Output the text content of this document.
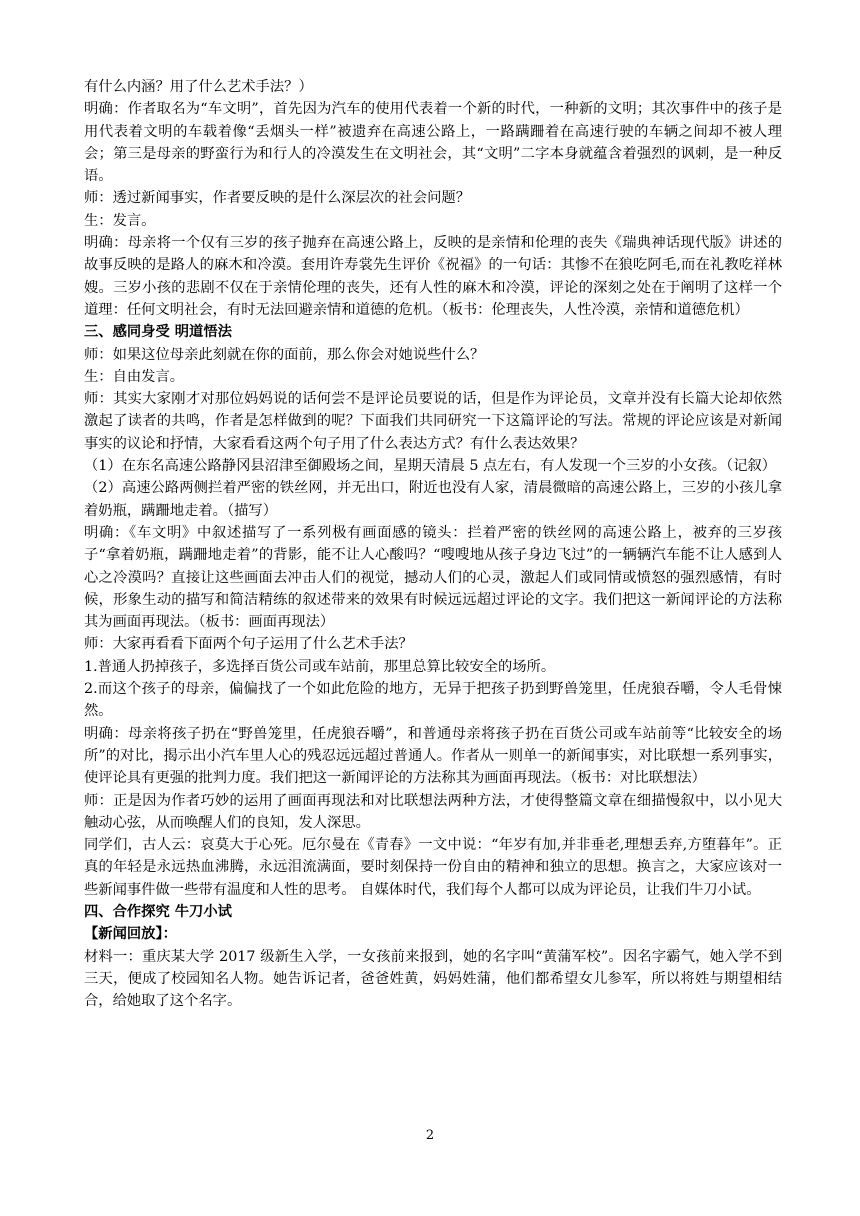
有什么内涵？用了什么艺术手法？）

明确：作者取名为“车文明”，首先因为汽车的使用代表着一个新的时代，一种新的文明；其次事件中的孩子是用代表着文明的车载着像“丢烟头一样”被遗弃在高速公路上，一路蹒跚着在高速行驶的车辆之间却不被人理会；第三是母亲的野蛮行为和行人的冷漠发生在文明社会，其“文明”二字本身就蕴含着强烈的讽刺，是一种反语。

师：透过新闻事实，作者要反映的是什么深层次的社会问题？

生：发言。

明确：母亲将一个仅有三岁的孩子抛弃在高速公路上，反映的是亲情和伦理的丧失《瑞典神话现代版》讲述的故事反映的是路人的麻木和冷漠。套用许寿裳先生评价《祝福》的一句话：其惨不在狼吃阿毛,而在礼教吃祥林嫂。三岁小孩的悲剧不仅在于亲情伦理的丧失，还有人性的麻木和冷漠，评论的深刻之处在于阐明了这样一个道理：任何文明社会，有时无法回避亲情和道德的危机。（板书：伦理丧失，人性冷漠，亲情和道德危机）

三、感同身受 明道悟法

师：如果这位母亲此刻就在你的面前，那么你会对她说些什么？

生：自由发言。

师：其实大家刚才对那位妈妈说的话何尝不是评论员要说的话，但是作为评论员，文章并没有长篇大论却依然激起了读者的共鸣，作者是怎样做到的呢？下面我们共同研究一下这篇评论的写法。常规的评论应该是对新闻事实的议论和抒情，大家看看这两个句子用了什么表达方式？有什么表达效果？

（1）在东名高速公路静冈县沼津至御殿场之间，星期天清晨 5 点左右，有人发现一个三岁的小女孩。（记叙）

（2）高速公路两侧拦着严密的铁丝网，并无出口，附近也没有人家，清晨微暗的高速公路上，三岁的小孩儿拿着奶瓶，蹒跚地走着。（描写）

明确：《车文明》中叙述描写了一系列极有画面感的镜头：拦着严密的铁丝网的高速公路上，被弃的三岁孩子“拿着奶瓶，蹒跚地走着”的背影，能不让人心酸吗？“嗖嗖地从孩子身边飞过”的一辆辆汽车能不让人感到人心之冷漠吗？直接让这些画面去冲击人们的视觉，撼动人们的心灵，激起人们或同情或愤怒的强烈感情，有时候，形象生动的描写和简洁精练的叙述带来的效果有时候远远超过评论的文字。我们把这一新闻评论的方法称其为画面再现法。（板书：画面再现法）

师：大家再看看下面两个句子运用了什么艺术手法？

1.普通人扔掉孩子，多选择百货公司或车站前，那里总算比较安全的场所。

2.而这个孩子的母亲，偏偏找了一个如此危险的地方，无异于把孩子扔到野兽笼里，任虎狼吞嚼，令人毛骨悚然。

明确：母亲将孩子扔在“野兽笼里，任虎狼吞嚼”，和普通母亲将孩子扔在百货公司或车站前等“比较安全的场所”的对比，揭示出小汽车里人心的残忍远远超过普通人。作者从一则单一的新闻事实，对比联想一系列事实，使评论具有更强的批判力度。我们把这一新闻评论的方法称其为画面再现法。（板书：对比联想法）

师：正是因为作者巧妙的运用了画面再现法和对比联想法两种方法，才使得整篇文章在细描慢叙中，以小见大触动心弦，从而唤醒人们的良知，发人深思。

同学们，古人云：哀莫大于心死。厄尔曼在《青春》一文中说：“年岁有加,并非垂老,理想丢弃,方堕暮年”。正真的年轻是永远热血沸腾，永远泪流满面，要时刻保持一份自由的精神和独立的思想。换言之，大家应该对一些新闻事件做一些带有温度和人性的思考。 自媒体时代，我们每个人都可以成为评论员，让我们牛刀小试。

四、合作探究 牛刀小试

【新闻回放】：

材料一：重庆某大学 2017 级新生入学，一女孩前来报到，她的名字叫“黄蒲军校”。因名字霸气，她入学不到三天，便成了校园知名人物。她告诉记者，爸爸姓黄，妈妈姓蒲，他们都希望女儿参军，所以将姓与期望相结合，给她取了这个名字。

2
